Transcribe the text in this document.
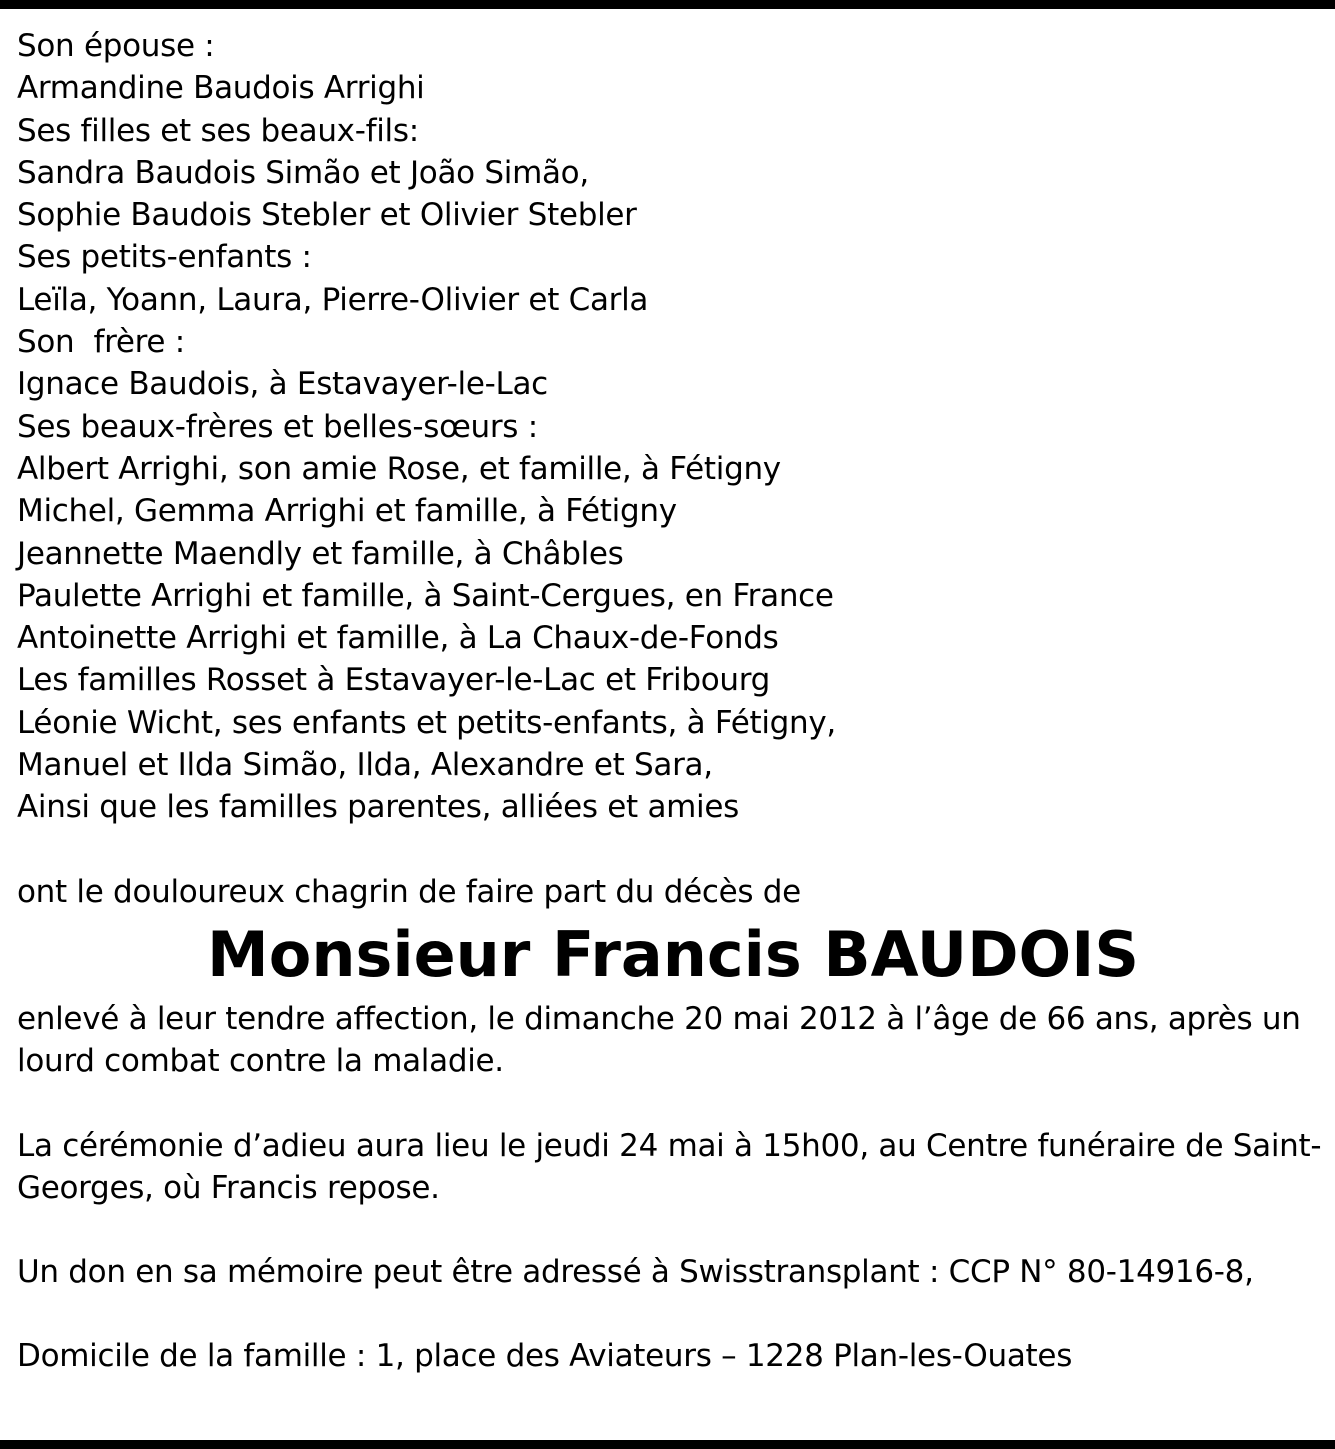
Son épouse :
Armandine Baudois Arrighi
Ses filles et ses beaux-fils:
Sandra Baudois Simão et João Simão,
Sophie Baudois Stebler et Olivier Stebler
Ses petits-enfants :
Leïla, Yoann, Laura, Pierre-Olivier et Carla
Son  frère :
Ignace Baudois, à Estavayer-le-Lac
Ses beaux-frères et belles-sœurs :
Albert Arrighi, son amie Rose, et famille, à Fétigny
Michel, Gemma Arrighi et famille, à Fétigny
Jeannette Maendly et famille, à Châbles
Paulette Arrighi et famille, à Saint-Cergues, en France
Antoinette Arrighi et famille, à La Chaux-de-Fonds
Les familles Rosset à Estavayer-le-Lac et Fribourg
Léonie Wicht, ses enfants et petits-enfants, à Fétigny,
Manuel et Ilda Simão, Ilda, Alexandre et Sara,
Ainsi que les familles parentes, alliées et amies
ont le douloureux chagrin de faire part du décès de
Monsieur Francis BAUDOIS
enlevé à leur tendre affection, le dimanche 20 mai 2012 à l’âge de 66 ans, après un lourd combat contre la maladie.
La cérémonie d’adieu aura lieu le jeudi 24 mai à 15h00, au Centre funéraire de Saint-Georges, où Francis repose.
Un don en sa mémoire peut être adressé à Swisstransplant : CCP N° 80-14916-8,
Domicile de la famille : 1, place des Aviateurs – 1228 Plan-les-Ouates
